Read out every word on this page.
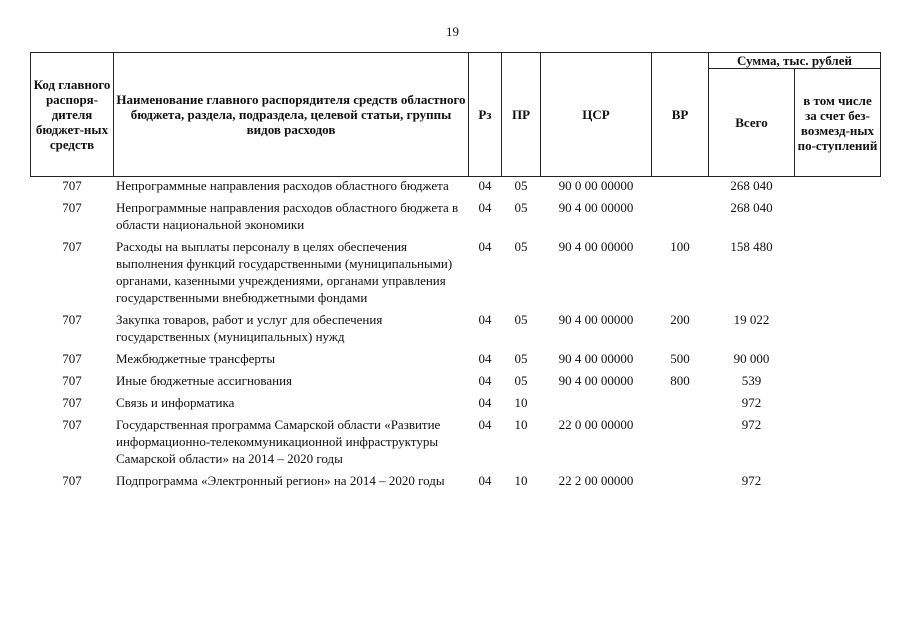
19
Код главного распоря-дителя бюджет-ных средств	Наименование главного распорядителя средств областного бюджета, раздела, подраздела, целевой статьи, группы видов расходов	Рз	ПР	ЦСР	ВР	Сумма, тыс. рублей	
						Всего	в том числе за счет без-возмезд-ных по-ступлений
707	Непрограммные направления расходов областного бюджета	04	05	90 0 00 00000		268 040	
707	Непрограммные направления расходов областного бюджета в области национальной экономики	04	05	90 4 00 00000		268 040	
707	Расходы на выплаты персоналу в целях обеспечения выполнения функций государственными (муниципальными) органами, казенными учреждениями, органами управления государственными внебюджетными фондами	04	05	90 4 00 00000	100	158 480	
707	Закупка товаров, работ и услуг для обеспечения государственных (муниципальных) нужд	04	05	90 4 00 00000	200	19 022	
707	Межбюджетные трансферты	04	05	90 4 00 00000	500	90 000	
707	Иные бюджетные ассигнования	04	05	90 4 00 00000	800	539	
707	Связь и информатика	04	10			972	
707	Государственная программа Самарской области «Развитие информационно-телекоммуникационной инфраструктуры Самарской области» на 2014 – 2020 годы	04	10	22 0 00 00000		972	
707	Подпрограмма «Электронный регион» на 2014 – 2020 годы	04	10	22 2 00 00000		972	
